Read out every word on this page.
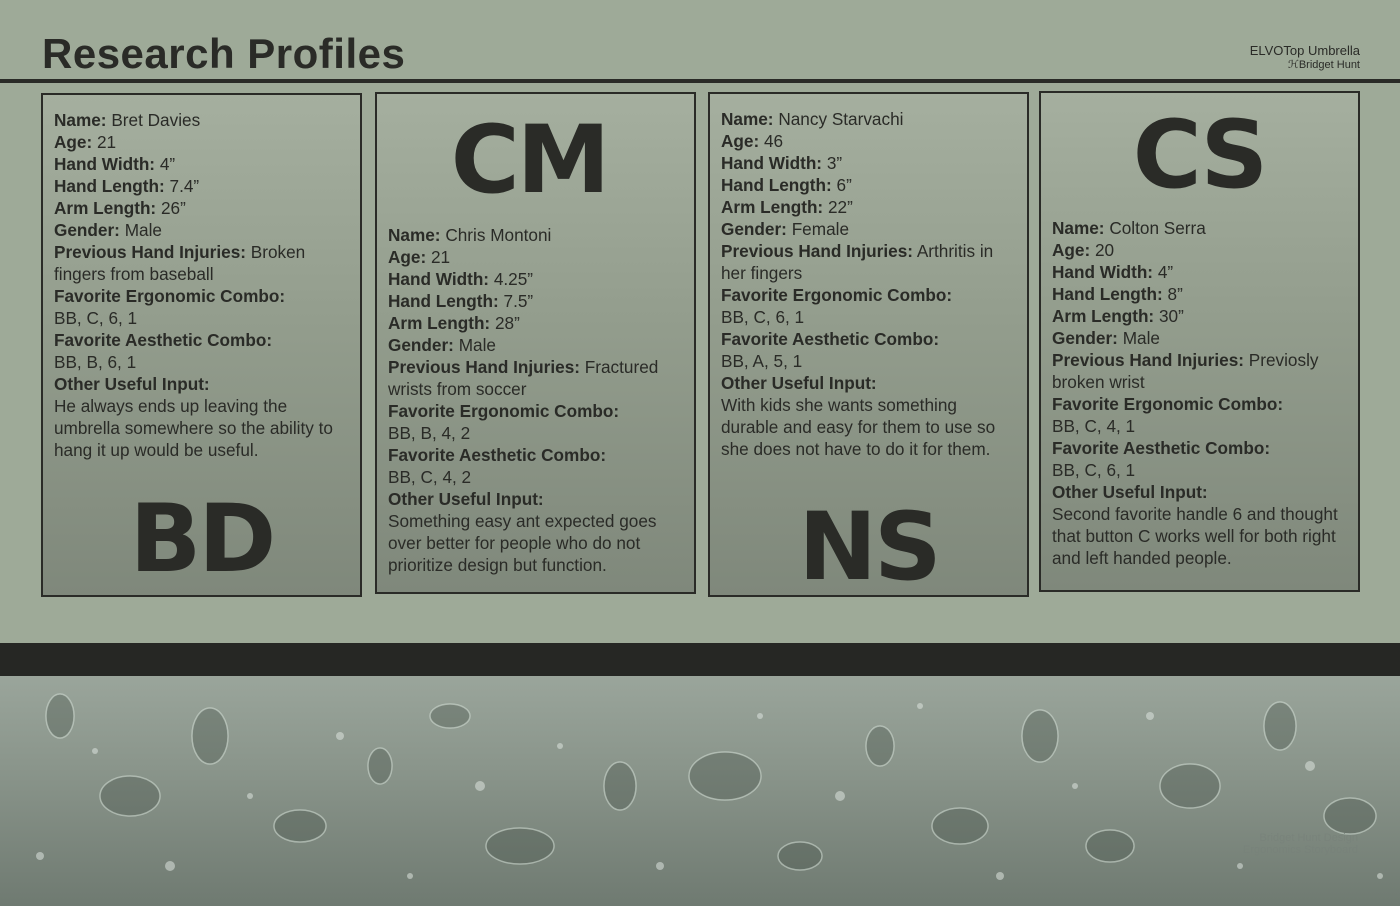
Research Profiles	ELVOTop Umbrella
ℋBridget Hunt
Name: Bret Davies
Age: 21
Hand Width: 4”
Hand Length: 7.4”
Arm Length: 26”
Gender: Male
Previous Hand Injuries: Broken fingers from baseball
Favorite Ergonomic Combo:
BB, C, 6, 1
Favorite Aesthetic Combo:
BB, B, 6, 1
Other Useful Input:
He always ends up leaving the umbrella somewhere so the ability to hang it up would be useful.
BD
CM
Name: Chris Montoni
Age: 21
Hand Width: 4.25”
Hand Length: 7.5”
Arm Length: 28”
Gender: Male
Previous Hand Injuries: Fractured wrists from soccer
Favorite Ergonomic Combo:
BB, B, 4, 2
Favorite Aesthetic Combo:
BB, C, 4, 2
Other Useful Input:
Something easy ant expected goes over better for people who do not prioritize design but function.
Name: Nancy Starvachi
Age: 46
Hand Width: 3”
Hand Length: 6”
Arm Length: 22”
Gender: Female
Previous Hand Injuries: Arthritis in her fingers
Favorite Ergonomic Combo:
BB, C, 6, 1
Favorite Aesthetic Combo:
BB, A, 5, 1
Other Useful Input:
With kids she wants something durable and easy for them to use so she does not have to do it for them.
NS
CS
Name: Colton Serra
Age: 20
Hand Width: 4”
Hand Length: 8”
Arm Length: 30”
Gender: Male
Previous Hand Injuries: Previosly broken wrist
Favorite Ergonomic Combo:
BB, C, 4, 1
Favorite Aesthetic Combo:
BB, C, 6, 1
Other Useful Input:
Second favorite handle 6 and thought that button C works well for both right and left handed people.
Bridget Hunt Design
Ergonomics Storyboard
